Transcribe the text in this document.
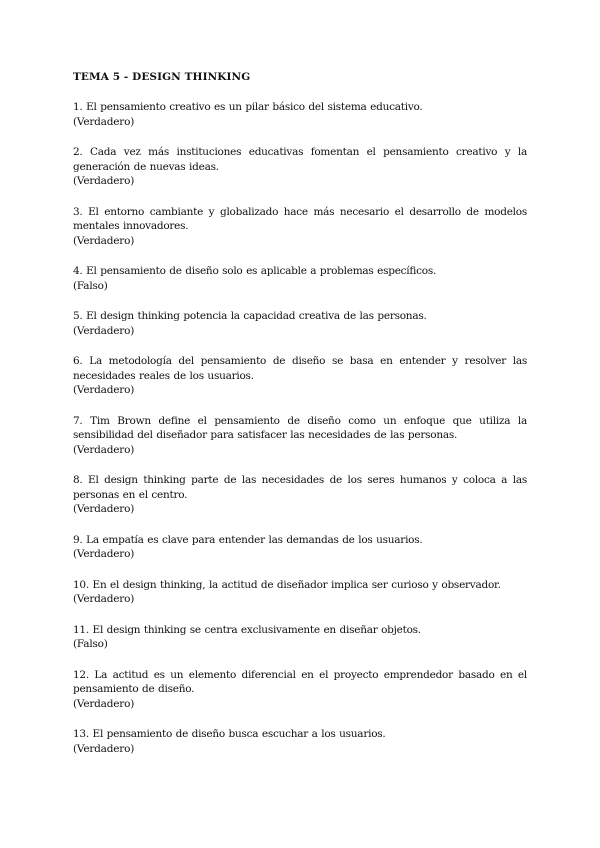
TEMA 5 - DESIGN THINKING
1. El pensamiento creativo es un pilar básico del sistema educativo.
(Verdadero)
2. Cada vez más instituciones educativas fomentan el pensamiento creativo y la generación de nuevas ideas.
(Verdadero)
3. El entorno cambiante y globalizado hace más necesario el desarrollo de modelos mentales innovadores.
(Verdadero)
4. El pensamiento de diseño solo es aplicable a problemas específicos.
(Falso)
5. El design thinking potencia la capacidad creativa de las personas.
(Verdadero)
6. La metodología del pensamiento de diseño se basa en entender y resolver las necesidades reales de los usuarios.
(Verdadero)
7. Tim Brown define el pensamiento de diseño como un enfoque que utiliza la sensibilidad del diseñador para satisfacer las necesidades de las personas.
(Verdadero)
8. El design thinking parte de las necesidades de los seres humanos y coloca a las personas en el centro.
(Verdadero)
9. La empatía es clave para entender las demandas de los usuarios.
(Verdadero)
10. En el design thinking, la actitud de diseñador implica ser curioso y observador.
(Verdadero)
11. El design thinking se centra exclusivamente en diseñar objetos.
(Falso)
12. La actitud es un elemento diferencial en el proyecto emprendedor basado en el pensamiento de diseño.
(Verdadero)
13. El pensamiento de diseño busca escuchar a los usuarios.
(Verdadero)
